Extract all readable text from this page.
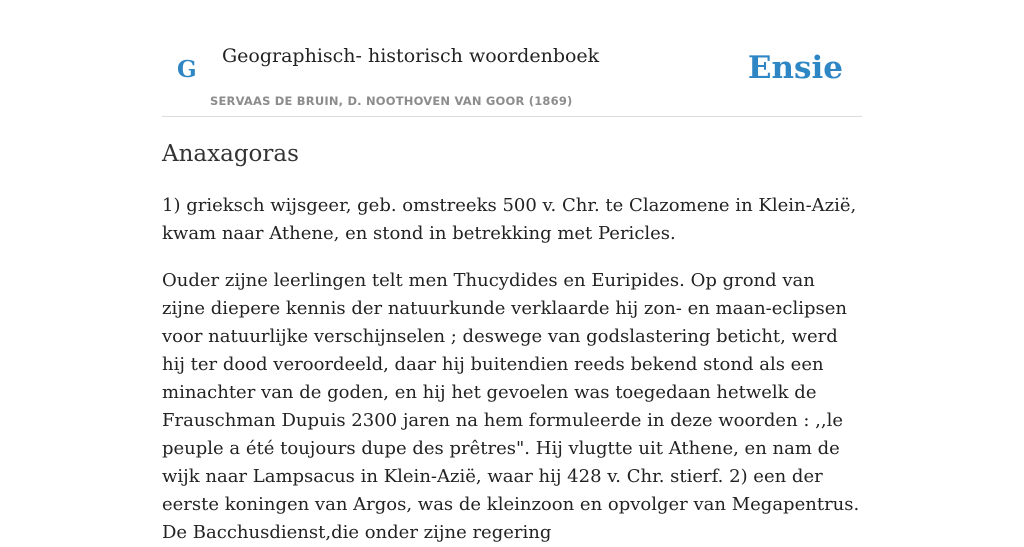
G Geographisch- historisch woordenboek
SERVAAS DE BRUIN, D. NOOTHOVEN VAN GOOR (1869)
Ensie
Anaxagoras

1) grieksch wijsgeer, geb. omstreeks 500 v. Chr. te Clazomene in Klein-Azië, kwam naar Athene, en stond in betrekking met Pericles.

Ouder zijne leerlingen telt men Thucydides en Euripides. Op grond van zijne diepere kennis der natuurkunde verklaarde hij zon- en maan-eclipsen voor natuurlijke verschijnselen ; deswege van godslastering beticht, werd hij ter dood veroordeeld, daar hij buitendien reeds bekend stond als een minachter van de goden, en hij het gevoelen was toegedaan hetwelk de Frauschman Dupuis 2300 jaren na hem formuleerde in deze woorden : ,,le peuple a été toujours dupe des prêtres". Hij vlugtte uit Athene, en nam de wijk naar Lampsacus in Klein-Azië, waar hij 428 v. Chr. stierf. 2) een der eerste koningen van Argos, was de kleinzoon en opvolger van Megapentrus. De Bacchusdienst,die onder zijne regering
